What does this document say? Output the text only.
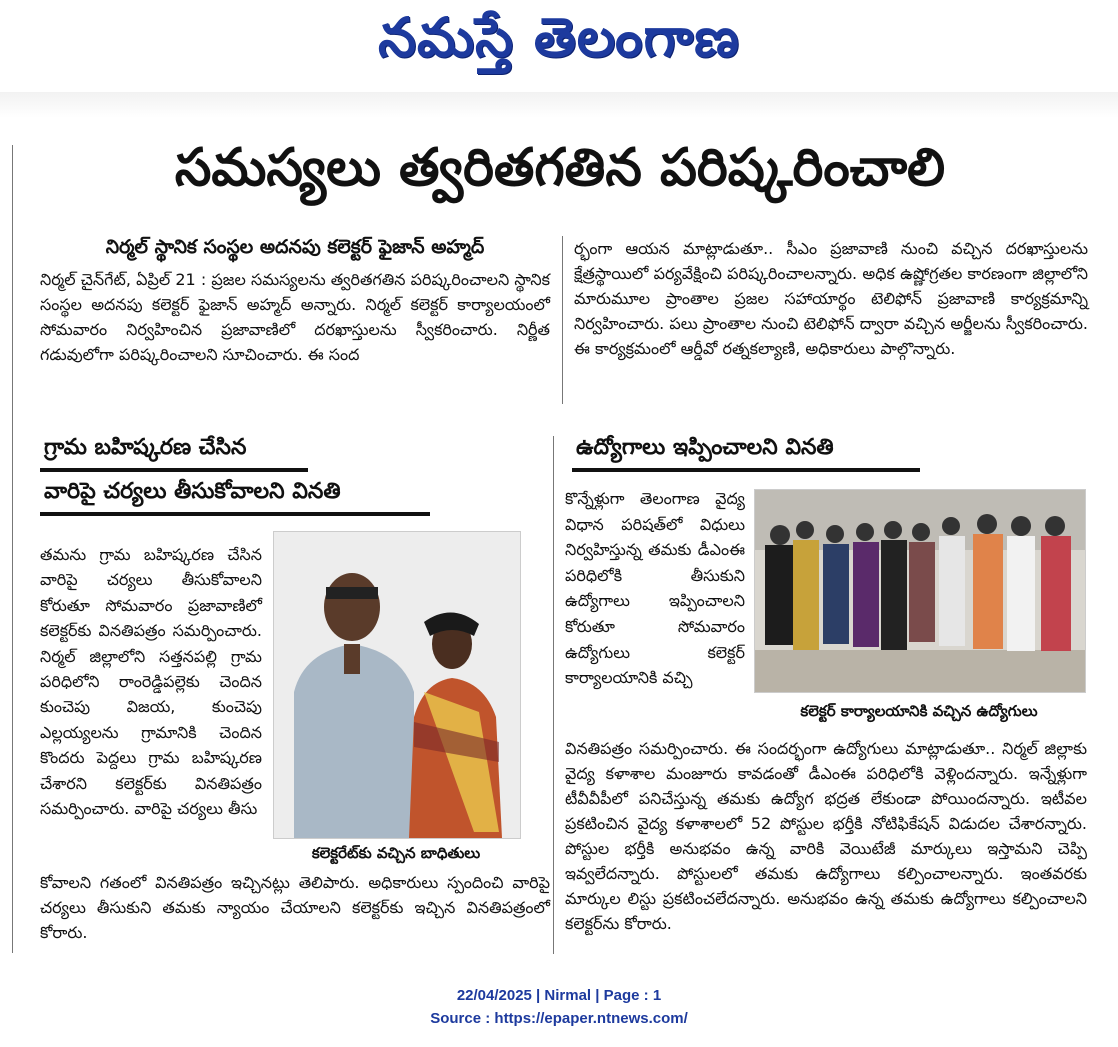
నమస్తే తెలంగాణ
సమస్యలు త్వరితగతిన పరిష్కరించాలి
నిర్మల్ స్థానిక సంస్థల అదనపు కలెక్టర్ ఫైజాన్ అహ్మద్

నిర్మల్ చైన్‌గేట్, ఏప్రిల్ 21 : ప్రజల సమస్యలను త్వరితగతిన పరిష్కరించాలని స్థానిక సంస్థల అదనపు కలెక్టర్ ఫైజాన్ అహ్మద్ అన్నారు. నిర్మల్ కలెక్టర్ కార్యాలయంలో సోమవారం నిర్వహించిన ప్రజావాణిలో దరఖాస్తులను స్వీకరించారు. నిర్ణీత గడువులోగా పరిష్కరించాలని సూచించారు. ఈ సంద

ర్భంగా ఆయన మాట్లాడుతూ.. సీఎం ప్రజావాణి నుంచి వచ్చిన దరఖాస్తులను క్షేత్రస్థాయిలో పర్యవేక్షించి పరిష్కరించాలన్నారు. అధిక ఉష్ణోగ్రతల కారణంగా జిల్లాలోని మారుమూల ప్రాంతాల ప్రజల సహాయార్థం టెలిఫోన్ ప్రజావాణి కార్యక్రమాన్ని నిర్వహించారు. పలు ప్రాంతాల నుంచి టెలిఫోన్ ద్వారా వచ్చిన అర్జీలను స్వీకరించారు. ఈ కార్యక్రమంలో ఆర్డీవో రత్నకల్యాణి, అధికారులు పాల్గొన్నారు.

గ్రామ బహిష్కరణ చేసిన
వారిపై చర్యలు తీసుకోవాలని వినతి

తమను గ్రామ బహిష్కరణ చేసిన వారిపై చర్యలు తీసుకోవాలని కోరుతూ సోమవారం ప్రజావాణిలో కలెక్టర్‌కు వినతిపత్రం సమర్పించారు. నిర్మల్ జిల్లాలోని సత్తనపల్లి గ్రామ పరిధిలోని రాంరెడ్డిపల్లెకు చెందిన కుంచెపు విజయ, కుంచెపు ఎల్లయ్యలను గ్రామానికి చెందిన కొందరు పెద్దలు గ్రామ బహిష్కరణ చేశారని కలెక్టర్‌కు వినతిపత్రం సమర్పించారు. వారిపై చర్యలు తీసు

కలెక్టరేట్‌కు వచ్చిన బాధితులు

కోవాలని గతంలో వినతిపత్రం ఇచ్చినట్లు తెలిపారు. అధికారులు స్పందించి వారిపై చర్యలు తీసుకుని తమకు న్యాయం చేయాలని కలెక్టర్‌కు ఇచ్చిన వినతిపత్రంలో కోరారు.

ఉద్యోగాలు ఇప్పించాలని వినతి

కొన్నేళ్లుగా తెలంగాణ వైద్య విధాన పరిషత్‌లో విధులు నిర్వహిస్తున్న తమకు డీఎంఈ పరిధిలోకి తీసుకుని ఉద్యోగాలు ఇప్పించాలని కోరుతూ సోమవారం ఉద్యోగులు కలెక్టర్ కార్యాలయానికి వచ్చి

కలెక్టర్ కార్యాలయానికి వచ్చిన ఉద్యోగులు

వినతిపత్రం సమర్పించారు. ఈ సందర్భంగా ఉద్యోగులు మాట్లాడుతూ.. నిర్మల్ జిల్లాకు వైద్య కళాశాల మంజూరు కావడంతో డీఎంఈ పరిధిలోకి వెళ్లిందన్నారు. ఇన్నేళ్లుగా టీవీవీపీలో పనిచేస్తున్న తమకు ఉద్యోగ భద్రత లేకుండా పోయిందన్నారు. ఇటీవల ప్రకటించిన వైద్య కళాశాలలో 52 పోస్టుల భర్తీకి నోటిఫికేషన్ విడుదల చేశారన్నారు. పోస్టుల భర్తీకి అనుభవం ఉన్న వారికి వెయిటేజీ మార్కులు ఇస్తామని చెప్పి ఇవ్వలేదన్నారు. పోస్టులలో తమకు ఉద్యోగాలు కల్పించాలన్నారు. ఇంతవరకు మార్కుల లిస్టు ప్రకటించలేదన్నారు. అనుభవం ఉన్న తమకు ఉద్యోగాలు కల్పించాలని కలెక్టర్‌ను కోరారు.

22/04/2025 | Nirmal | Page : 1
Source : https://epaper.ntnews.com/
